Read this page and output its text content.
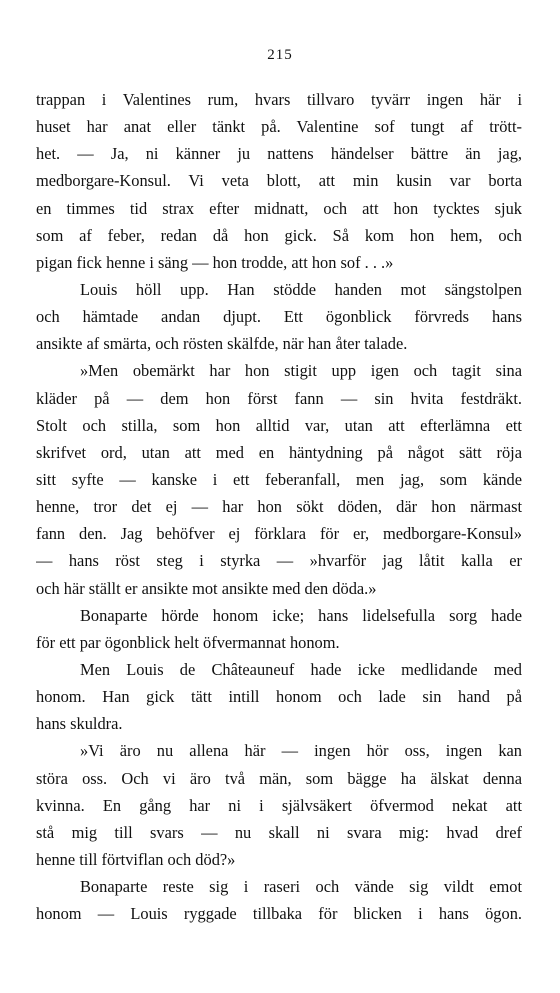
215
trappan i Valentines rum, hvars tillvaro tyvärr ingen här i
huset har anat eller tänkt på. Valentine sof tungt af trött-
het. — Ja, ni känner ju nattens händelser bättre än jag,
medborgare-Konsul. Vi veta blott, att min kusin var borta
en timmes tid strax efter midnatt, och att hon tycktes sjuk
som af feber, redan då hon gick. Så kom hon hem, och
pigan fick henne i säng — hon trodde, att hon sof . . .»
Louis höll upp. Han stödde handen mot sängstolpen
och hämtade andan djupt. Ett ögonblick förvreds hans
ansikte af smärta, och rösten skälfde, när han åter talade.
»Men obemärkt har hon stigit upp igen och tagit sina
kläder på — dem hon först fann — sin hvita festdräkt.
Stolt och stilla, som hon alltid var, utan att efterlämna ett
skrifvet ord, utan att med en häntydning på något sätt röja
sitt syfte — kanske i ett feberanfall, men jag, som kände
henne, tror det ej — har hon sökt döden, där hon närmast
fann den. Jag behöfver ej förklara för er, medborgare-Konsul»
— hans röst steg i styrka — »hvarför jag låtit kalla er
och här ställt er ansikte mot ansikte med den döda.»
Bonaparte hörde honom icke; hans lidelsefulla sorg hade
för ett par ögonblick helt öfvermannat honom.
Men Louis de Châteauneuf hade icke medlidande med
honom. Han gick tätt intill honom och lade sin hand på
hans skuldra.
»Vi äro nu allena här — ingen hör oss, ingen kan
störa oss. Och vi äro två män, som bägge ha älskat denna
kvinna. En gång har ni i självsäkert öfvermod nekat att
stå mig till svars — nu skall ni svara mig: hvad dref
henne till förtviflan och död?»
Bonaparte reste sig i raseri och vände sig vildt emot
honom — Louis ryggade tillbaka för blicken i hans ögon.
